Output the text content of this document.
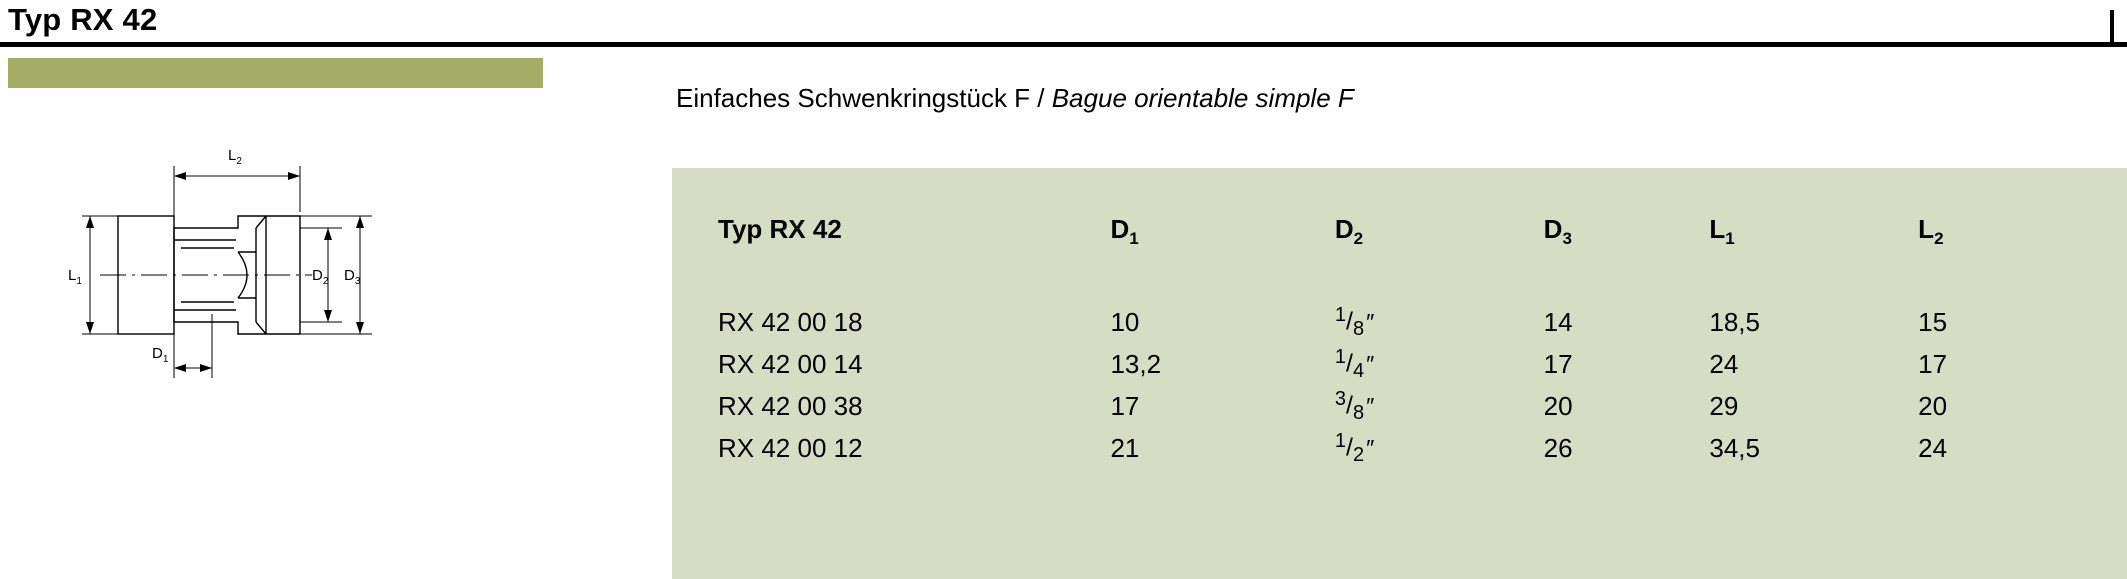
Typ RX 42
Einfaches Schwenkringstück F / Bague orientable simple F
$L_2$
$L_1$
$D_1$
$D_2$ $D_3$
Typ RX 42	$D_1$	$D_2$	$D_3$	$L_1$	$L_2$
RX 42 00 18	10	$^1/_8''$	14	18,5	15
RX 42 00 14	13,2	$^1/_4''$	17	24	17
RX 42 00 38	17	$^3/_8''$	20	29	20
RX 42 00 12	21	$^1/_2''$	26	34,5	24
